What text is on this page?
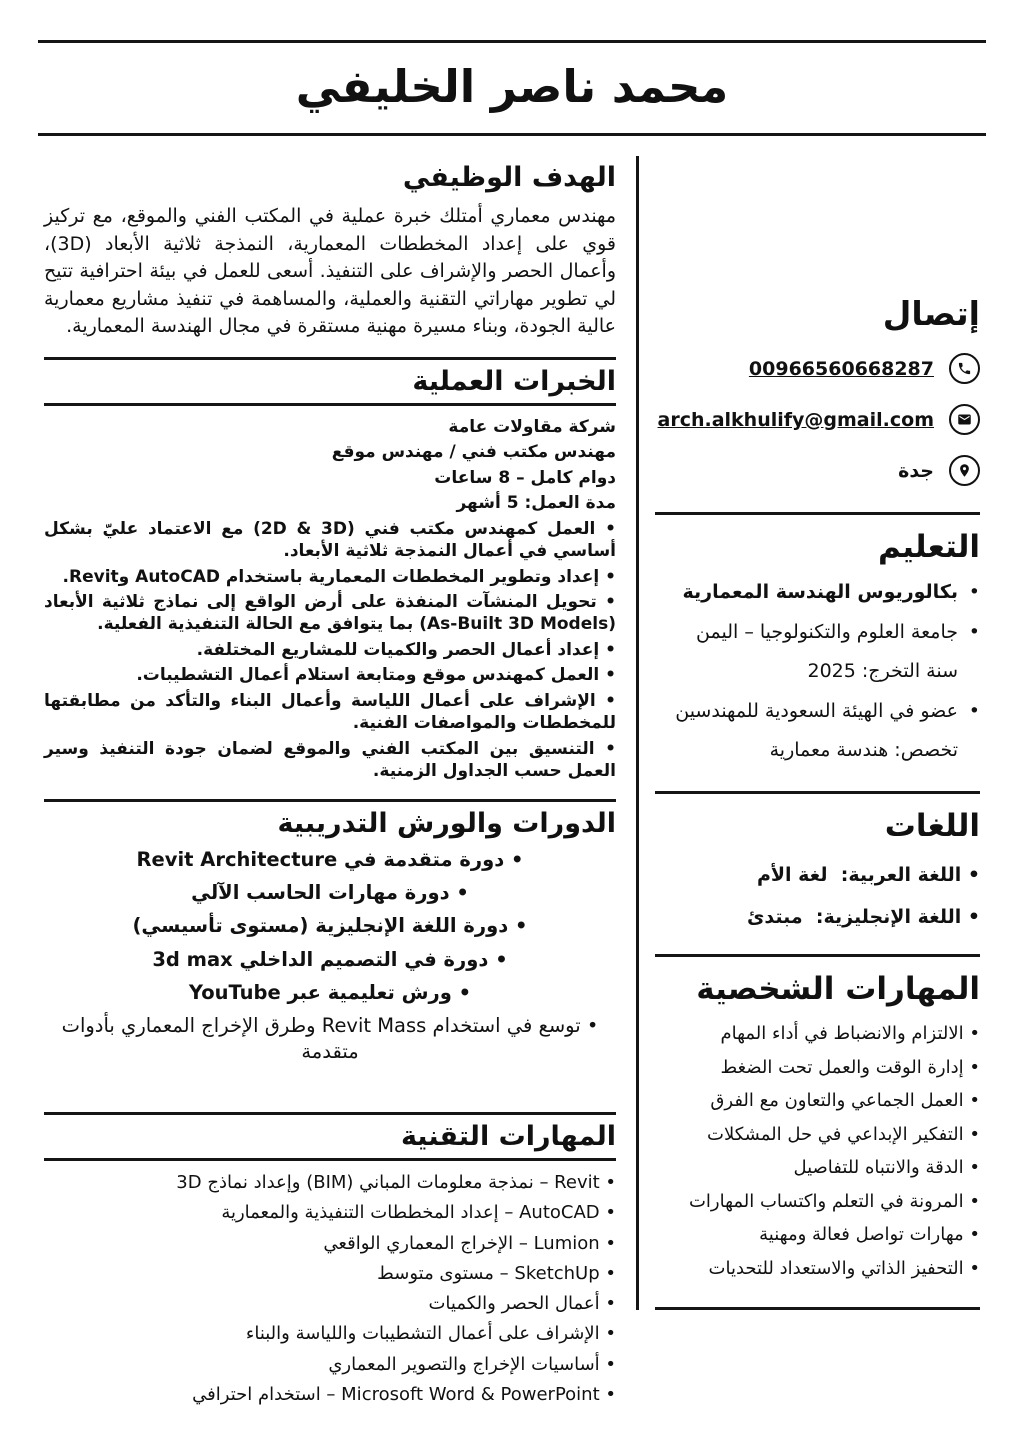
محمد ناصر الخليفي
إتصال
00966560668287
arch.alkhulify@gmail.com
جدة
التعليم
•
بكالوريوس الهندسة المعمارية
•
جامعة العلوم والتكنولوجيا – اليمن
سنة التخرج: 2025
•
عضو في الهيئة السعودية للمهندسين
تخصص: هندسة معمارية
اللغات
• اللغة العربية:  لغة الأم
• اللغة الإنجليزية:  مبتدئ
المهارات الشخصية
• الالتزام والانضباط في أداء المهام
• إدارة الوقت والعمل تحت الضغط
• العمل الجماعي والتعاون مع الفرق
• التفكير الإبداعي في حل المشكلات
• الدقة والانتباه للتفاصيل
• المرونة في التعلم واكتساب المهارات
• مهارات تواصل فعالة ومهنية
• التحفيز الذاتي والاستعداد للتحديات
الهدف الوظيفي

مهندس معماري أمتلك خبرة عملية في المكتب الفني والموقع، مع تركيز قوي على إعداد المخططات المعمارية، النمذجة ثلاثية الأبعاد (3D)، وأعمال الحصر والإشراف على التنفيذ. أسعى للعمل في بيئة احترافية تتيح لي تطوير مهاراتي التقنية والعملية، والمساهمة في تنفيذ مشاريع معمارية عالية الجودة، وبناء مسيرة مهنية مستقرة في مجال الهندسة المعمارية.

الخبرات العملية

شركة مقاولات عامة

مهندس مكتب فني / مهندس موقع

دوام كامل – 8 ساعات

مدة العمل: 5 أشهر

• العمل كمهندس مكتب فني (2D & 3D) مع الاعتماد عليّ بشكل أساسي في أعمال النمذجة ثلاثية الأبعاد.

• إعداد وتطوير المخططات المعمارية باستخدام AutoCAD وRevit.

• تحويل المنشآت المنفذة على أرض الواقع إلى نماذج ثلاثية الأبعاد (As-Built 3D Models) بما يتوافق مع الحالة التنفيذية الفعلية.

• إعداد أعمال الحصر والكميات للمشاريع المختلفة.

• العمل كمهندس موقع ومتابعة استلام أعمال التشطيبات.

• الإشراف على أعمال اللياسة وأعمال البناء والتأكد من مطابقتها للمخططات والمواصفات الفنية.

• التنسيق بين المكتب الفني والموقع لضمان جودة التنفيذ وسير العمل حسب الجداول الزمنية.

الدورات والورش التدريبية
• دورة متقدمة في Revit Architecture
• دورة مهارات الحاسب الآلي
• دورة اللغة الإنجليزية (مستوى تأسيسي)
• دورة في التصميم الداخلي 3d max
• ورش تعليمية عبر YouTube
• توسع في استخدام Revit Mass وطرق الإخراج المعماري بأدوات متقدمة
المهارات التقنية
• Revit – نمذجة معلومات المباني (BIM) وإعداد نماذج 3D
• AutoCAD – إعداد المخططات التنفيذية والمعمارية
• Lumion – الإخراج المعماري الواقعي
• SketchUp – مستوى متوسط
• أعمال الحصر والكميات
• الإشراف على أعمال التشطيبات واللياسة والبناء
• أساسيات الإخراج والتصوير المعماري
• Microsoft Word & PowerPoint – استخدام احترافي
